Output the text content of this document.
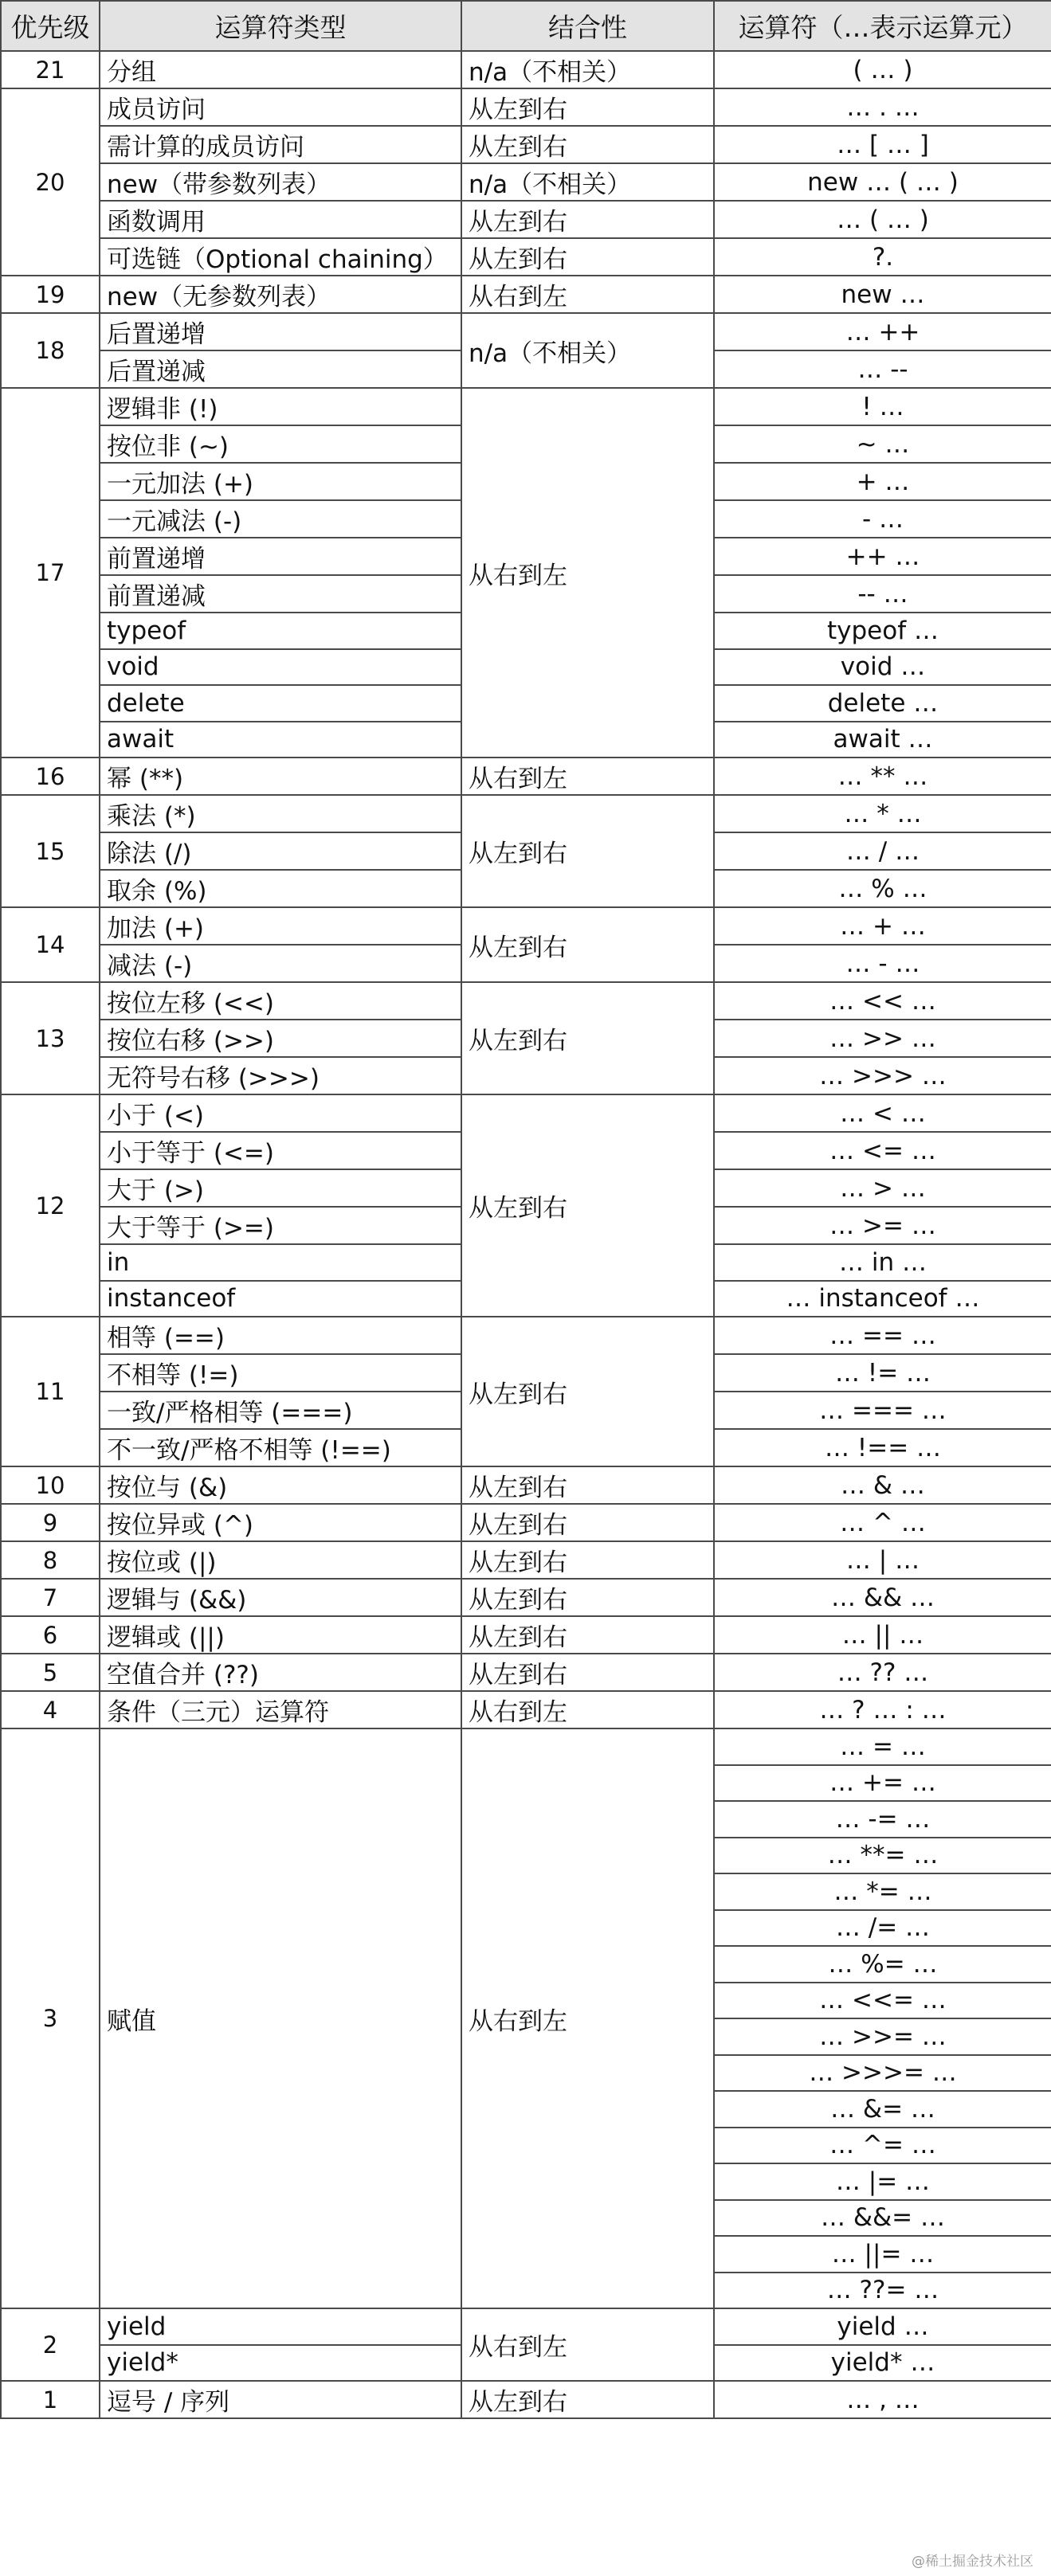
优先级	运算符类型	结合性	运算符（…表示运算元）
21	分组	n/a（不相关）	( … )
20	成员访问	从左到右	… . …
	需计算的成员访问	从左到右	… [ … ]
	new（带参数列表）	n/a（不相关）	new … ( … )
	函数调用	从左到右	… ( … )
	可选链（Optional chaining）	从左到右	?.
19	new（无参数列表）	从右到左	new …
18	后置递增	n/a（不相关）	… ++
	后置递减		… --
17	逻辑非 (!)	从右到左	! …
	按位非 (~)		~ …
	一元加法 (+)		+ …
	一元减法 (-)		- …
	前置递增		++ …
	前置递减		-- …
	typeof		typeof …
	void		void …
	delete		delete …
	await		await …
16	幂 (**)	从右到左	… ** …
15	乘法 (*)	从左到右	… * …
	除法 (/)		… / …
	取余 (%)		… % …
14	加法 (+)	从左到右	… + …
	减法 (-)		… - …
13	按位左移 (<<)	从左到右	… << …
	按位右移 (>>)		… >> …
	无符号右移 (>>>)		… >>> …
12	小于 (<)	从左到右	… < …
	小于等于 (<=)		… <= …
	大于 (>)		… > …
	大于等于 (>=)		… >= …
	in		… in …
	instanceof		… instanceof …
11	相等 (==)	从左到右	… == …
	不相等 (!=)		… != …
	一致/严格相等 (===)		… === …
	不一致/严格不相等 (!==)		… !== …
10	按位与 (&)	从左到右	… & …
9	按位异或 (^)	从左到右	… ^ …
8	按位或 (|)	从左到右	… | …
7	逻辑与 (&&)	从左到右	… && …
6	逻辑或 (||)	从左到右	… || …
5	空值合并 (??)	从左到右	… ?? …
4	条件（三元）运算符	从右到左	… ? … : …
3	赋值	从右到左	… = …
			… += …
			… -= …
			… **= …
			… *= …
			… /= …
			… %= …
			… <<= …
			… >>= …
			… >>>= …
			… &= …
			… ^= …
			… |= …
			… &&= …
			… ||= …
			… ??= …
2	yield	从右到左	yield …
	yield*		yield* …
1	逗号 / 序列	从左到右	… , …
@稀土掘金技术社区
